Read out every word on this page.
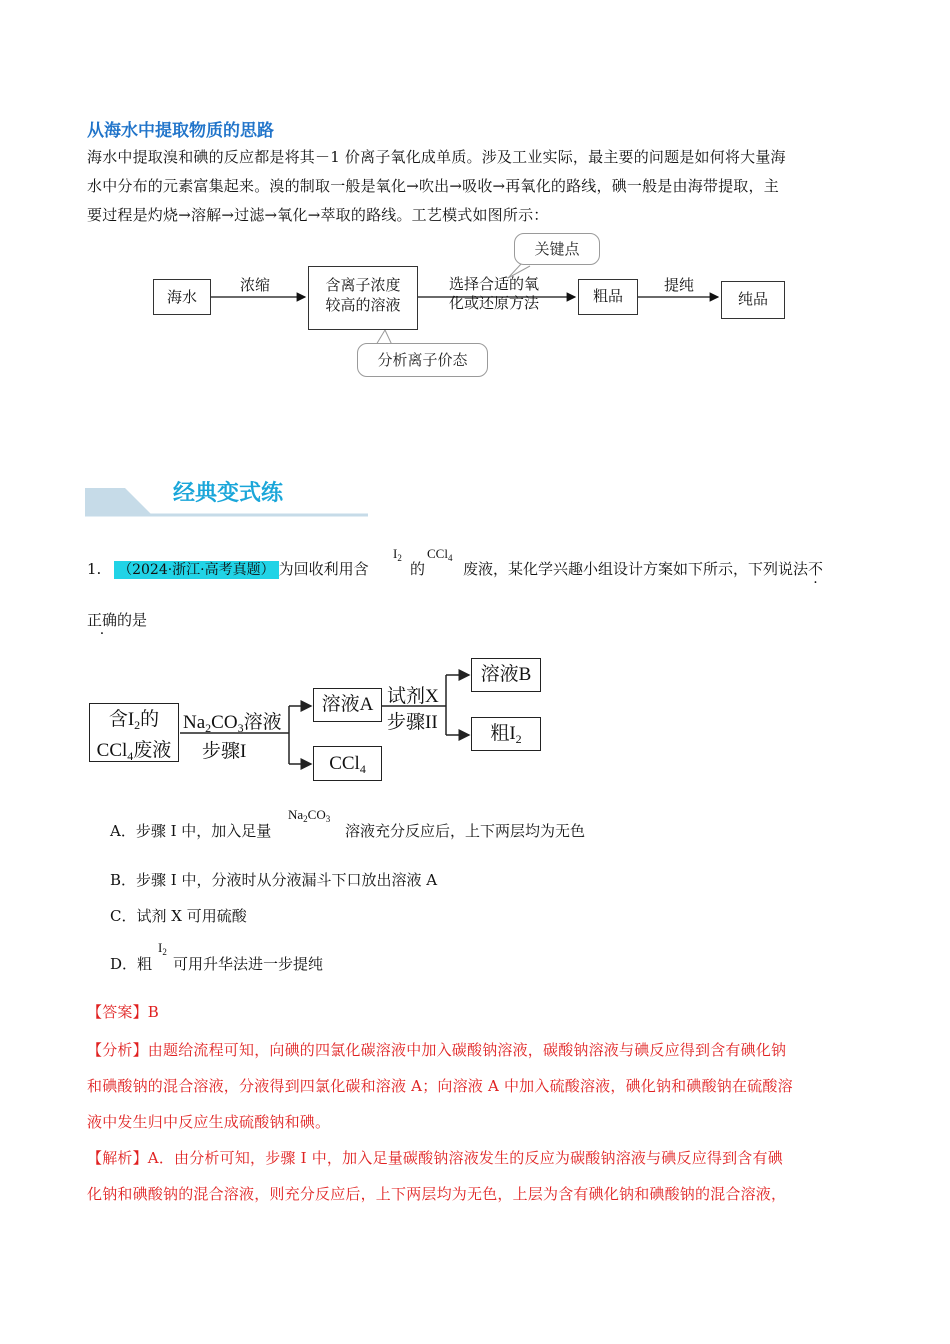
从海水中提取物质的思路
海水中提取溴和碘的反应都是将其－1 价离子氧化成单质。涉及工业实际，最主要的问题是如何将大量海
水中分布的元素富集起来。溴的制取一般是氧化→吹出→吸收→再氧化的路线，碘一般是由海带提取，主
要过程是灼烧→溶解→过滤→氧化→萃取的路线。工艺模式如图所示：
海水
浓缩	含离子浓度
较高的溶液
选择合适的氧
化或还原方法	粗品
提纯
纯品
关键点
分析离子价态
经典变式练
1. （2024·浙江·高考真题） 为回收利用含
$I_2$
的
CCl$_4$
废液，某化学兴趣小组设计方案如下所示，下列说法不
正确的是
含$I_2$的
CCl$_4$废液
$Na_2CO_3$溶液
步骤I
溶液A
CCl$_4$
试剂X
步骤II
溶液B
粗$I_2$
A．步骤 I 中，加入足量
$Na_2CO_3$
溶液充分反应后，上下两层均为无色
B．步骤 I 中，分液时从分液漏斗下口放出溶液 A
C．试剂 X 可用硫酸
D．粗
$I_2$
可用升华法进一步提纯
【答案】B
【分析】由题给流程可知，向碘的四氯化碳溶液中加入碳酸钠溶液，碳酸钠溶液与碘反应得到含有碘化钠
和碘酸钠的混合溶液，分液得到四氯化碳和溶液 A；向溶液 A 中加入硫酸溶液，碘化钠和碘酸钠在硫酸溶
液中发生归中反应生成硫酸钠和碘。
【解析】A．由分析可知，步骤 I 中，加入足量碳酸钠溶液发生的反应为碳酸钠溶液与碘反应得到含有碘
化钠和碘酸钠的混合溶液，则充分反应后，上下两层均为无色，上层为含有碘化钠和碘酸钠的混合溶液，
